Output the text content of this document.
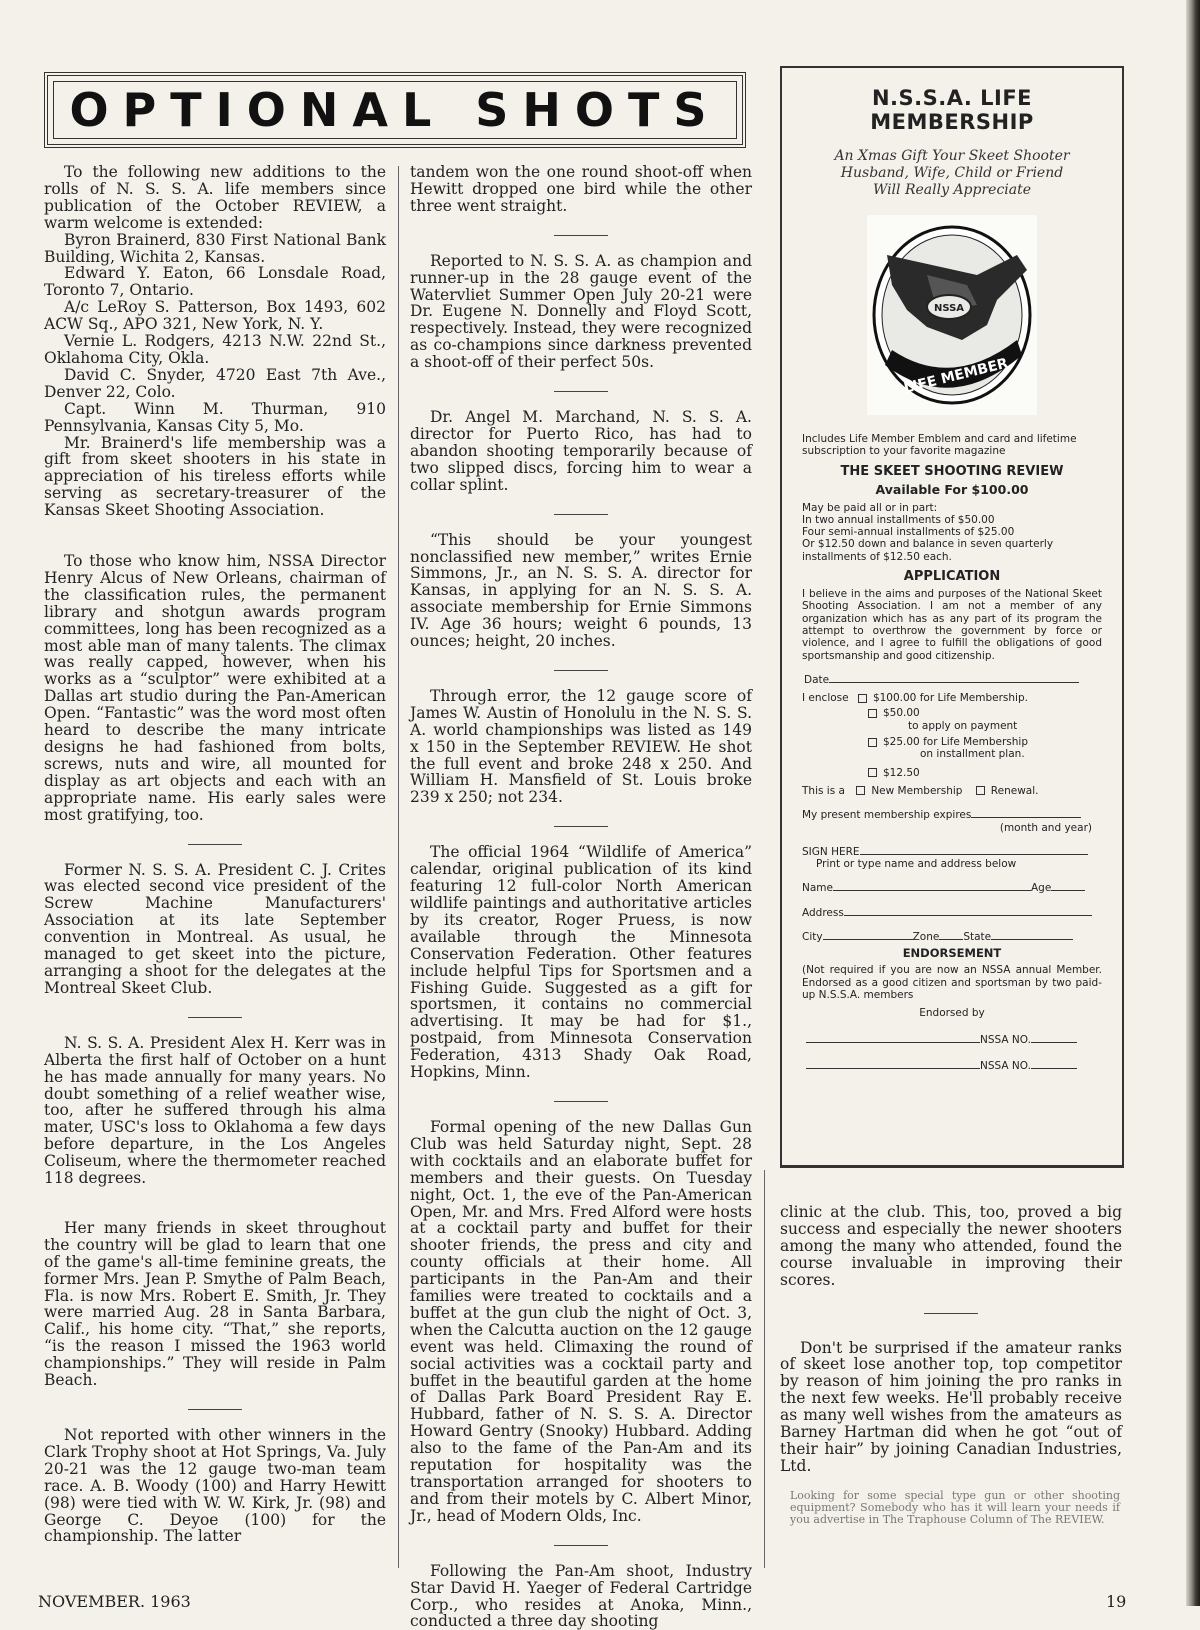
OPTIONAL SHOTS

To the following new additions to the rolls of N. S. S. A. life members since publication of the October REVIEW, a warm welcome is extended:

Byron Brainerd, 830 First National Bank Building, Wichita 2, Kansas.

Edward Y. Eaton, 66 Lonsdale Road, Toronto 7, Ontario.

A/c LeRoy S. Patterson, Box 1493, 602 ACW Sq., APO 321, New York, N. Y.

Vernie L. Rodgers, 4213 N.W. 22nd St., Oklahoma City, Okla.

David C. Snyder, 4720 East 7th Ave., Denver 22, Colo.

Capt. Winn M. Thurman, 910 Pennsylvania, Kansas City 5, Mo.

Mr. Brainerd's life membership was a gift from skeet shooters in his state in appreciation of his tireless efforts while serving as secretary-treasurer of the Kansas Skeet Shooting Association.

To those who know him, NSSA Director Henry Alcus of New Orleans, chairman of the classification rules, the permanent library and shotgun awards program committees, long has been recognized as a most able man of many talents. The climax was really capped, however, when his works as a “sculptor” were exhibited at a Dallas art studio during the Pan-American Open. “Fantastic” was the word most often heard to describe the many intricate designs he had fashioned from bolts, screws, nuts and wire, all mounted for display as art objects and each with an appropriate name. His early sales were most gratifying, too.

Former N. S. S. A. President C. J. Crites was elected second vice president of the Screw Machine Manufacturers' Association at its late September convention in Montreal. As usual, he managed to get skeet into the picture, arranging a shoot for the delegates at the Montreal Skeet Club.

N. S. S. A. President Alex H. Kerr was in Alberta the first half of October on a hunt he has made annually for many years. No doubt something of a relief weather wise, too, after he suffered through his alma mater, USC's loss to Oklahoma a few days before departure, in the Los Angeles Coliseum, where the thermometer reached 118 degrees.

Her many friends in skeet throughout the country will be glad to learn that one of the game's all-time feminine greats, the former Mrs. Jean P. Smythe of Palm Beach, Fla. is now Mrs. Robert E. Smith, Jr. They were married Aug. 28 in Santa Barbara, Calif., his home city. “That,” she reports, “is the reason I missed the 1963 world championships.” They will reside in Palm Beach.

Not reported with other winners in the Clark Trophy shoot at Hot Springs, Va. July 20-21 was the 12 gauge two-man team race. A. B. Woody (100) and Harry Hewitt (98) were tied with W. W. Kirk, Jr. (98) and George C. Deyoe (100) for the championship. The latter

tandem won the one round shoot-off when Hewitt dropped one bird while the other three went straight.

Reported to N. S. S. A. as champion and runner-up in the 28 gauge event of the Watervliet Summer Open July 20-21 were Dr. Eugene N. Donnelly and Floyd Scott, respectively. Instead, they were recognized as co-champions since darkness prevented a shoot-off of their perfect 50s.

Dr. Angel M. Marchand, N. S. S. A. director for Puerto Rico, has had to abandon shooting temporarily because of two slipped discs, forcing him to wear a collar splint.

“This should be your youngest nonclassified new member,” writes Ernie Simmons, Jr., an N. S. S. A. director for Kansas, in applying for an N. S. S. A. associate membership for Ernie Simmons IV. Age 36 hours; weight 6 pounds, 13 ounces; height, 20 inches.

Through error, the 12 gauge score of James W. Austin of Honolulu in the N. S. S. A. world championships was listed as 149 x 150 in the September REVIEW. He shot the full event and broke 248 x 250. And William H. Mansfield of St. Louis broke 239 x 250; not 234.

The official 1964 “Wildlife of America” calendar, original publication of its kind featuring 12 full-color North American wildlife paintings and authoritative articles by its creator, Roger Pruess, is now available through the Minnesota Conservation Federation. Other features include helpful Tips for Sportsmen and a Fishing Guide. Suggested as a gift for sportsmen, it contains no commercial advertising. It may be had for $1., postpaid, from Minnesota Conservation Federation, 4313 Shady Oak Road, Hopkins, Minn.

Formal opening of the new Dallas Gun Club was held Saturday night, Sept. 28 with cocktails and an elaborate buffet for members and their guests. On Tuesday night, Oct. 1, the eve of the Pan-American Open, Mr. and Mrs. Fred Alford were hosts at a cocktail party and buffet for their shooter friends, the press and city and county officials at their home. All participants in the Pan-Am and their families were treated to cocktails and a buffet at the gun club the night of Oct. 3, when the Calcutta auction on the 12 gauge event was held. Climaxing the round of social activities was a cocktail party and buffet in the beautiful garden at the home of Dallas Park Board President Ray E. Hubbard, father of N. S. S. A. Director Howard Gentry (Snooky) Hubbard. Adding also to the fame of the Pan-Am and its reputation for hospitality was the transportation arranged for shooters to and from their motels by C. Albert Minor, Jr., head of Modern Olds, Inc.

Following the Pan-Am shoot, Industry Star David H. Yaeger of Federal Cartridge Corp., who resides at Anoka, Minn., conducted a three day shooting

N.S.S.A. LIFE
MEMBERSHIP
An Xmas Gift Your Skeet Shooter
Husband, Wife, Child or Friend
Will Really Appreciate
NSSA
LIFE MEMBER
Includes Life Member Emblem and card and lifetime subscription to your favorite magazine
THE SKEET SHOOTING REVIEW
Available For $100.00
May be paid all or in part:
In two annual installments of $50.00
Four semi-annual installments of $25.00
Or $12.50 down and balance in seven quarterly installments of $12.50 each.
APPLICATION
I believe in the aims and purposes of the National Skeet Shooting Association. I am not a member of any organization which has as any part of its program the attempt to overthrow the government by force or violence, and I agree to fulfill the obligations of good sportsmanship and good citizenship.
Date
I enclose $100.00 for Life Membership.
$50.00
to apply on payment
$25.00 for Life Membership
on installment plan.
$12.50
This is a	New Membership	Renewal.
My present membership expires
(month and year)
SIGN HERE
Print or type name and address below
Name	Age
Address
City	Zone State
ENDORSEMENT
(Not required if you are now an NSSA annual Member. Endorsed as a good citizen and sportsman by two paid-up N.S.S.A. members
Endorsed by
NSSA NO.
NSSA NO.

clinic at the club. This, too, proved a big success and especially the newer shooters among the many who attended, found the course invaluable in improving their scores.

Don't be surprised if the amateur ranks of skeet lose another top, top competitor by reason of him joining the pro ranks in the next few weeks. He'll probably receive as many well wishes from the amateurs as Barney Hartman did when he got “out of their hair” by joining Canadian Industries, Ltd.

Looking for some special type gun or other shooting equipment? Somebody who has it will learn your needs if you advertise in The Traphouse Column of The REVIEW.
NOVEMBER. 1963	19
